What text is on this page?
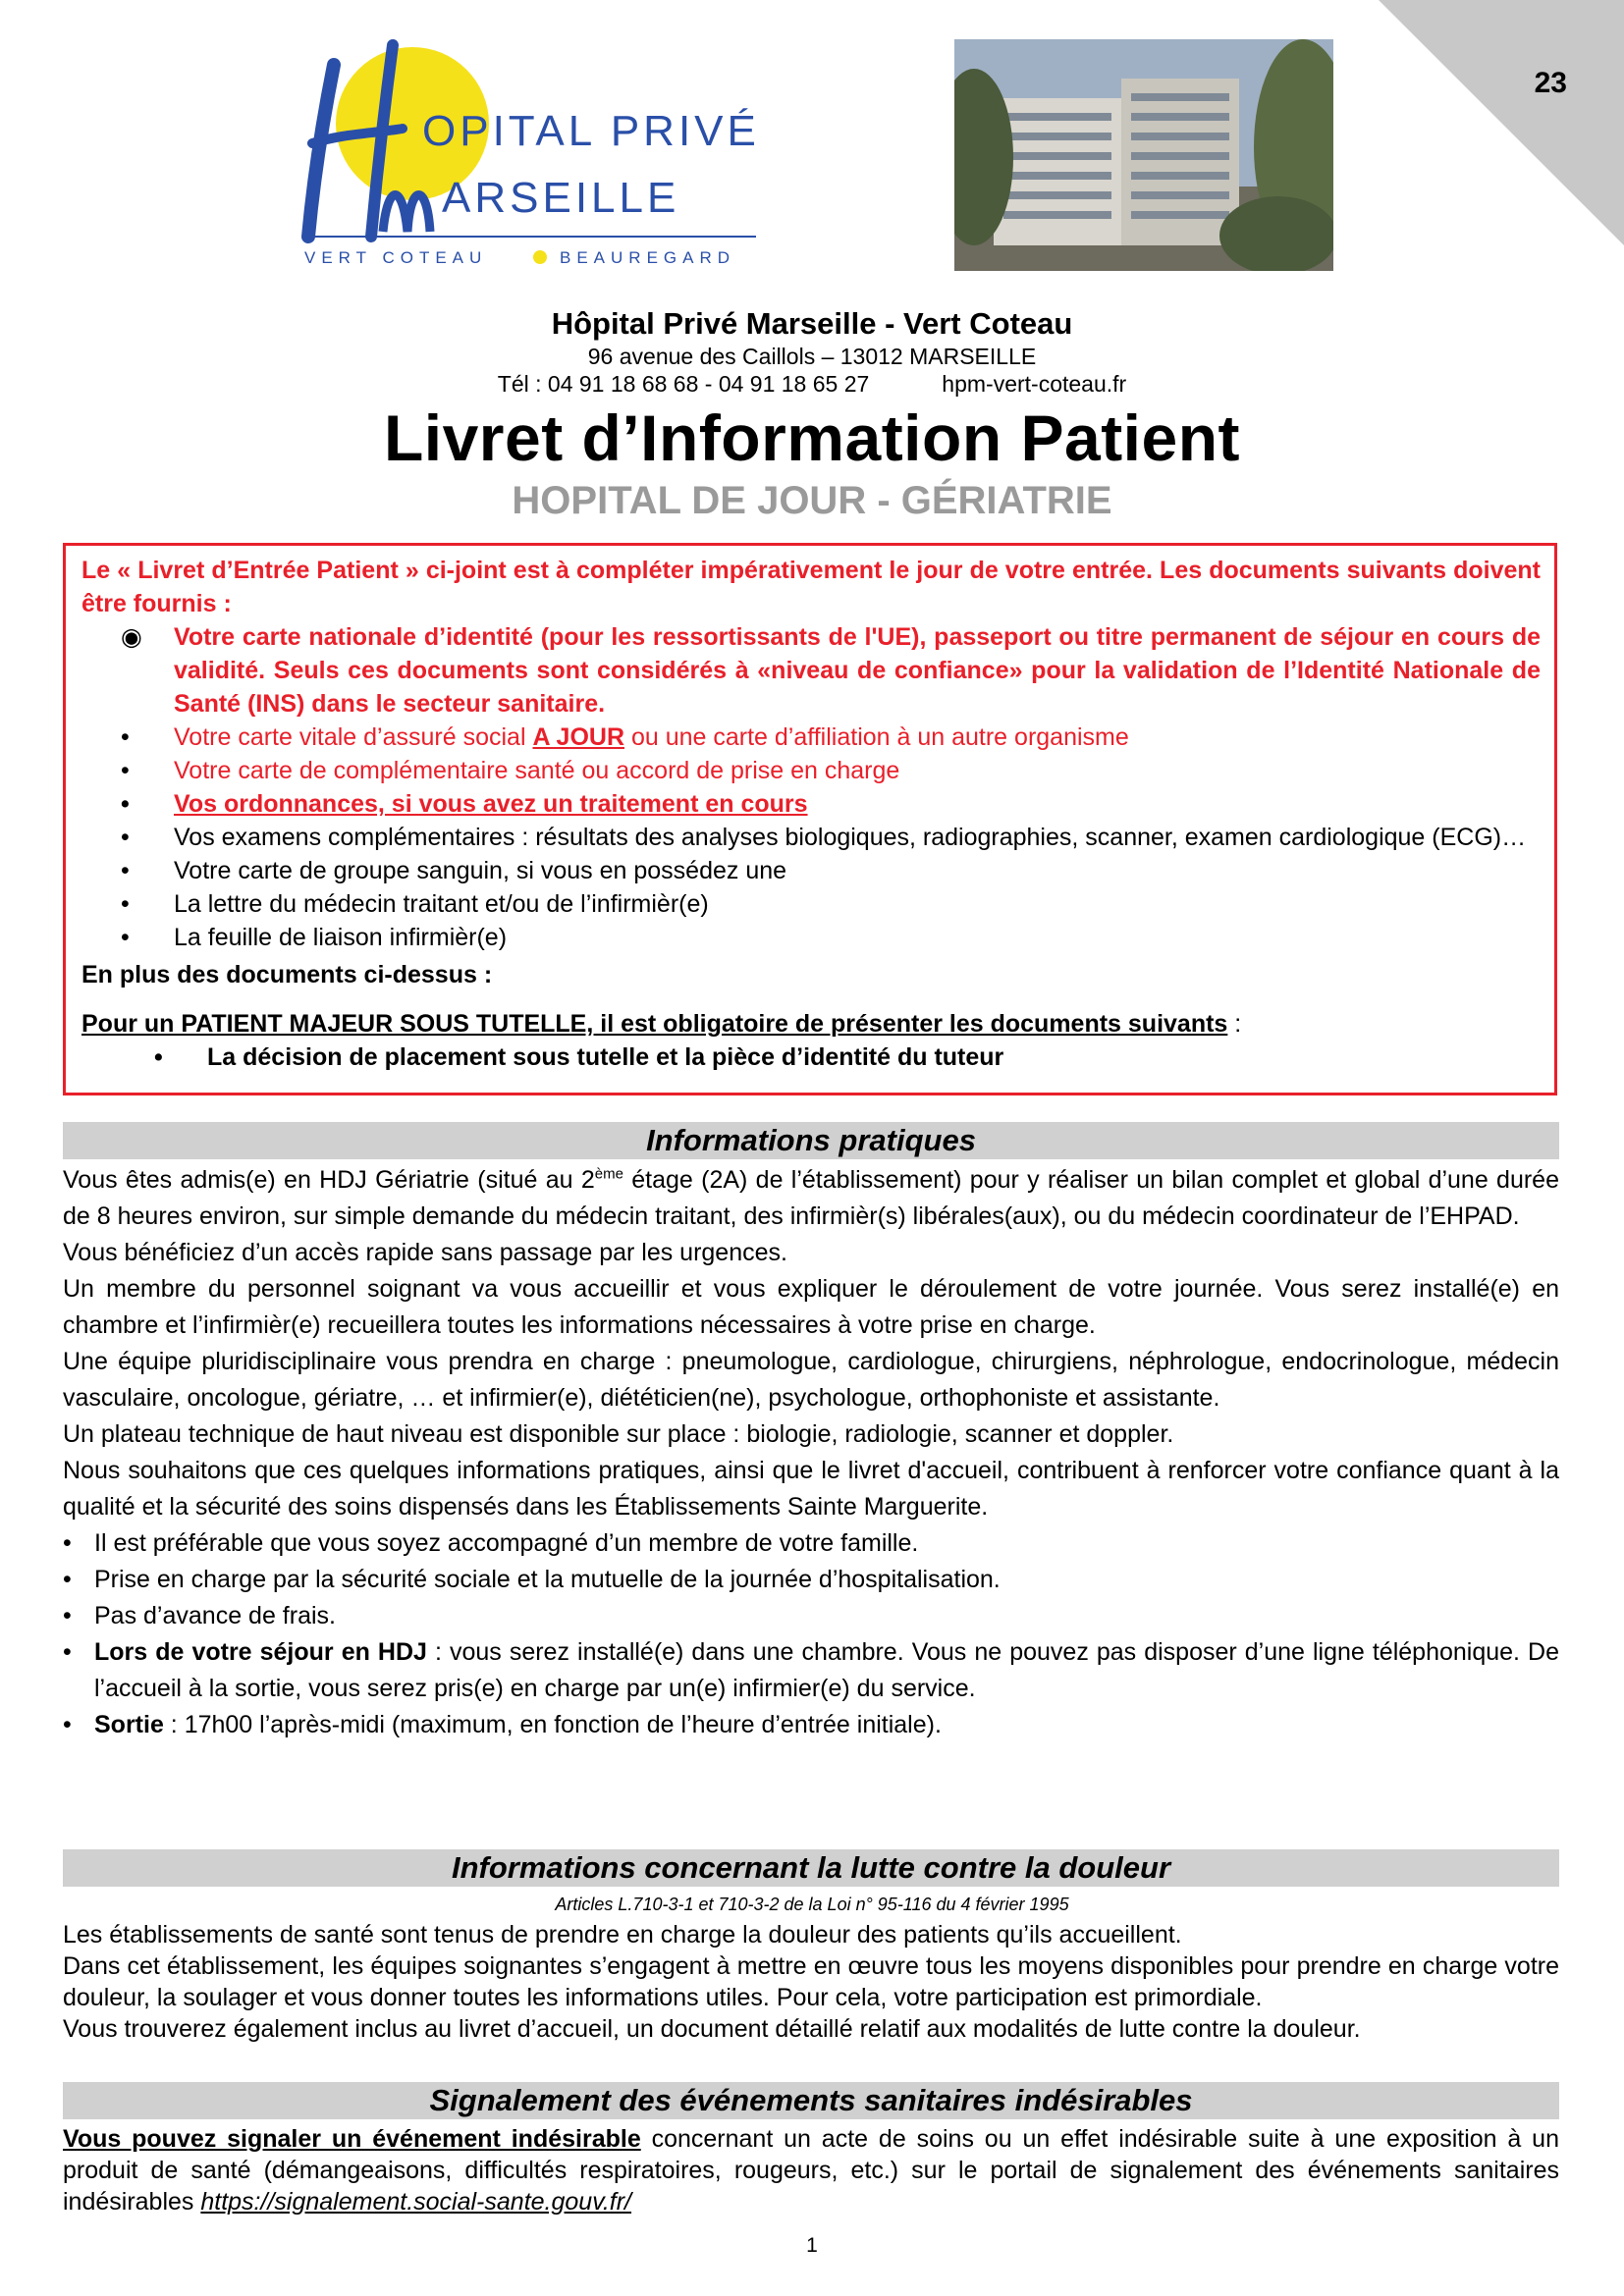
23
OPITAL PRIVÉ
ARSEILLE
VERT COTEAU	BEAUREGARD
Hôpital Privé Marseille - Vert Coteau
96 avenue des Caillols – 13012 MARSEILLE
Tél : 04 91 18 68 68 - 04 91 18 65 27	hpm-vert-coteau.fr
Livret d’Information Patient
HOPITAL DE JOUR - GÉRIATRIE

Le « Livret d’Entrée Patient » ci-joint est à compléter impérativement le jour de votre entrée. Les documents suivants doivent être fournis :

◉ Votre carte nationale d’identité (pour les ressortissants de l'UE), passeport ou titre permanent de séjour en cours de validité. Seuls ces documents sont considérés à «niveau de confiance» pour la validation de l’Identité Nationale de Santé (INS) dans le secteur sanitaire.
• Votre carte vitale d’assuré social A JOUR ou une carte d’affiliation à un autre organisme
• Votre carte de complémentaire santé ou accord de prise en charge
• Vos ordonnances, si vous avez un traitement en cours
• Vos examens complémentaires : résultats des analyses biologiques, radiographies, scanner, examen cardiologique (ECG)…
• Votre carte de groupe sanguin, si vous en possédez une
• La lettre du médecin traitant et/ou de l’infirmièr(e)
• La feuille de liaison infirmièr(e)

En plus des documents ci-dessus :

Pour un PATIENT MAJEUR SOUS TUTELLE, il est obligatoire de présenter les documents suivants :

• La décision de placement sous tutelle et la pièce d’identité du tuteur
Informations pratiques

Vous êtes admis(e) en HDJ Gériatrie (situé au 2ème étage (2A) de l’établissement) pour y réaliser un bilan complet et global d’une durée de 8 heures environ, sur simple demande du médecin traitant, des infirmièr(s) libérales(aux), ou du médecin coordinateur de l’EHPAD.

Vous bénéficiez d’un accès rapide sans passage par les urgences.

Un membre du personnel soignant va vous accueillir et vous expliquer le déroulement de votre journée. Vous serez installé(e) en chambre et l’infirmièr(e) recueillera toutes les informations nécessaires à votre prise en charge.

Une équipe pluridisciplinaire vous prendra en charge : pneumologue, cardiologue, chirurgiens, néphrologue, endocrinologue, médecin vasculaire, oncologue, gériatre, … et infirmier(e), diététicien(ne), psychologue, orthophoniste et assistante.

Un plateau technique de haut niveau est disponible sur place : biologie, radiologie, scanner et doppler.

Nous souhaitons que ces quelques informations pratiques, ainsi que le livret d'accueil, contribuent à renforcer votre confiance quant à la qualité et la sécurité des soins dispensés dans les Établissements Sainte Marguerite.

• Il est préférable que vous soyez accompagné d’un membre de votre famille.
• Prise en charge par la sécurité sociale et la mutuelle de la journée d’hospitalisation.
• Pas d’avance de frais.
• Lors de votre séjour en HDJ : vous serez installé(e) dans une chambre. Vous ne pouvez pas disposer d’une ligne téléphonique. De l’accueil à la sortie, vous serez pris(e) en charge par un(e) infirmier(e) du service.
• Sortie : 17h00 l’après-midi (maximum, en fonction de l’heure d’entrée initiale).
Informations concernant la lutte contre la douleur
Articles L.710-3-1 et 710-3-2 de la Loi n° 95-116 du 4 février 1995

Les établissements de santé sont tenus de prendre en charge la douleur des patients qu’ils accueillent.

Dans cet établissement, les équipes soignantes s’engagent à mettre en œuvre tous les moyens disponibles pour prendre en charge votre douleur, la soulager et vous donner toutes les informations utiles. Pour cela, votre participation est primordiale.

Vous trouverez également inclus au livret d’accueil, un document détaillé relatif aux modalités de lutte contre la douleur.

Signalement des événements sanitaires indésirables

Vous pouvez signaler un événement indésirable concernant un acte de soins ou un effet indésirable suite à une exposition à un produit de santé (démangeaisons, difficultés respiratoires, rougeurs, etc.) sur le portail de signalement des événements sanitaires indésirables https://signalement.social-sante.gouv.fr/

1
